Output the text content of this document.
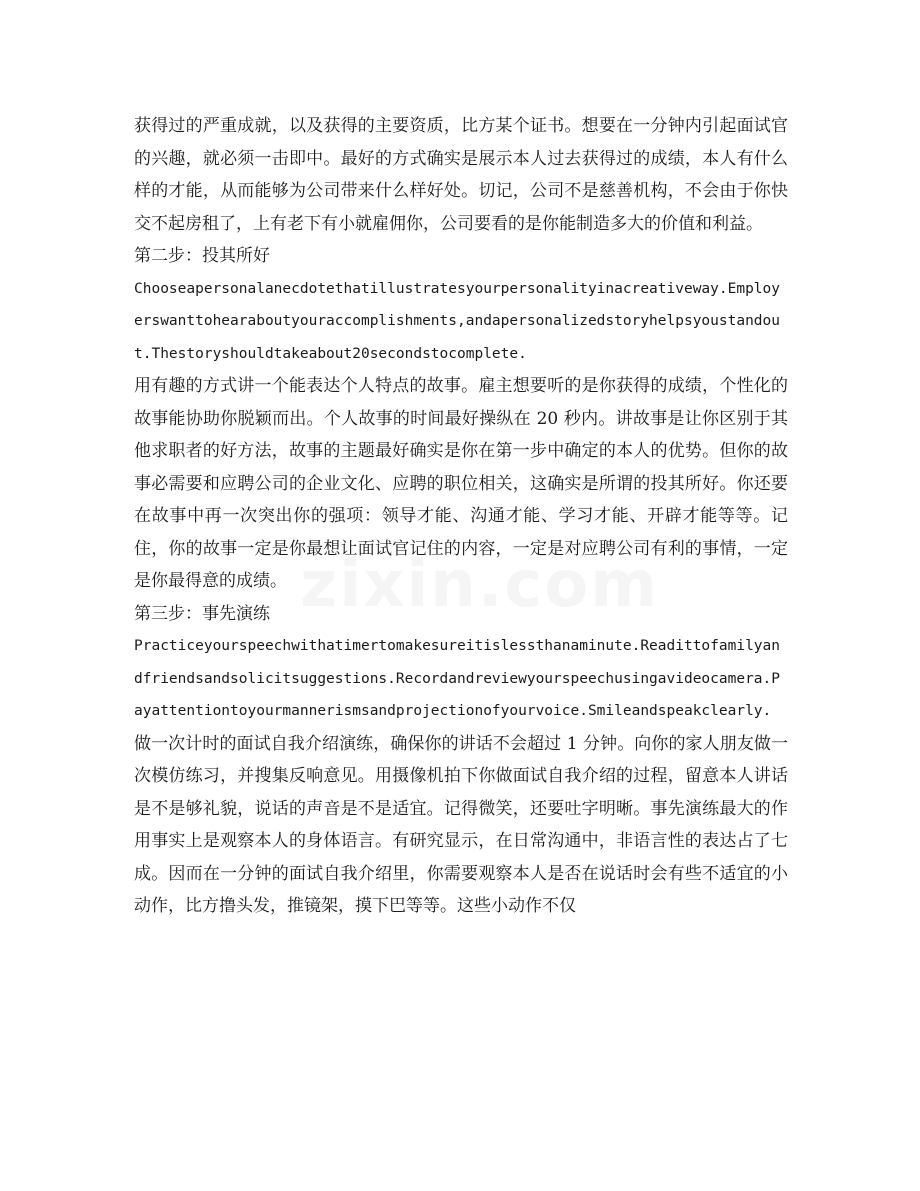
zixin.com

获得过的严重成就，以及获得的主要资质，比方某个证书。想要在一分钟内引起面试官的兴趣，就必须一击即中。最好的方式确实是展示本人过去获得过的成绩，本人有什么样的才能，从而能够为公司带来什么样好处。切记，公司不是慈善机构，不会由于你快交不起房租了，上有老下有小就雇佣你，公司要看的是你能制造多大的价值和利益。

第二步：投其所好

Chooseapersonalanecdotethatillustratesyourpersonalityinacreativeway.Employerswanttohearaboutyouraccomplishments,andapersonalizedstoryhelpsyoustandout.Thestoryshouldtakeabout20secondstocomplete.

用有趣的方式讲一个能表达个人特点的故事。雇主想要听的是你获得的成绩，个性化的故事能协助你脱颖而出。个人故事的时间最好操纵在 20 秒内。讲故事是让你区别于其他求职者的好方法，故事的主题最好确实是你在第一步中确定的本人的优势。但你的故事必需要和应聘公司的企业文化、应聘的职位相关，这确实是所谓的投其所好。你还要在故事中再一次突出你的强项：领导才能、沟通才能、学习才能、开辟才能等等。记住，你的故事一定是你最想让面试官记住的内容，一定是对应聘公司有利的事情，一定是你最得意的成绩。

第三步：事先演练

Practiceyourspeechwithatimertomakesureitislessthanaminute.Readittofamilyandfriendsandsolicitsuggestions.Recordandreviewyourspeechusingavideocamera.Payattentiontoyourmannerismsandprojectionofyourvoice.Smileandspeakclearly.

做一次计时的面试自我介绍演练，确保你的讲话不会超过 1 分钟。向你的家人朋友做一次模仿练习，并搜集反响意见。用摄像机拍下你做面试自我介绍的过程，留意本人讲话是不是够礼貌，说话的声音是不是适宜。记得微笑，还要吐字明晰。事先演练最大的作用事实上是观察本人的身体语言。有研究显示，在日常沟通中，非语言性的表达占了七成。因而在一分钟的面试自我介绍里，你需要观察本人是否在说话时会有些不适宜的小动作，比方撸头发，推镜架，摸下巴等等。这些小动作不仅
